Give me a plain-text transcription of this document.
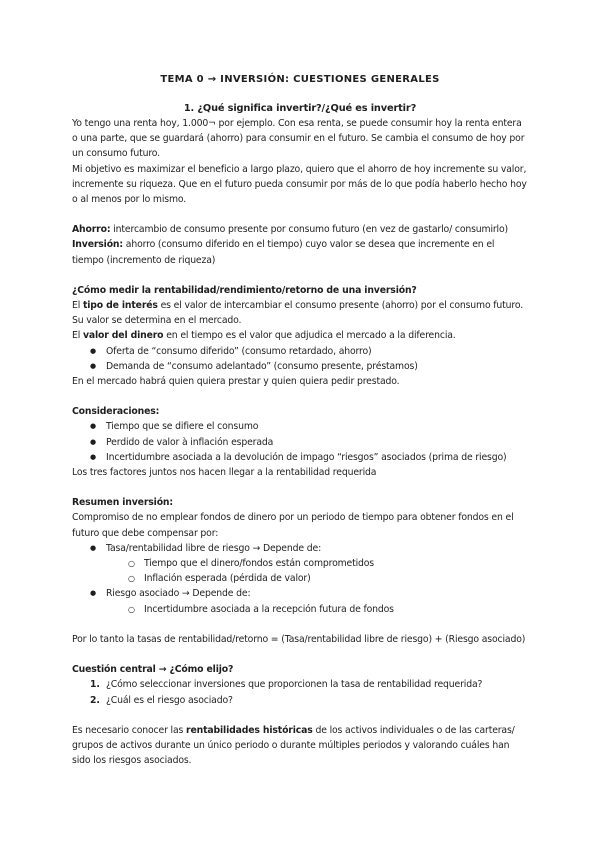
TEMA 0 → INVERSIÓN: CUESTIONES GENERALES
1. ¿Qué significa invertir?/¿Qué es invertir?

Yo tengo una renta hoy, 1.000¬ por ejemplo. Con esa renta, se puede consumir hoy la renta entera o una parte, que se guardará (ahorro) para consumir en el futuro. Se cambia el consumo de hoy por un consumo futuro.

Mi objetivo es maximizar el beneficio a largo plazo, quiero que el ahorro de hoy incremente su valor, incremente su riqueza. Que en el futuro pueda consumir por más de lo que podía haberlo hecho hoy o al menos por lo mismo.

Ahorro: intercambio de consumo presente por consumo futuro (en vez de gastarlo/ consumirlo)

Inversión: ahorro (consumo diferido en el tiempo) cuyo valor se desea que incremente en el tiempo (incremento de riqueza)

¿Cómo medir la rentabilidad/rendimiento/retorno de una inversión?

El tipo de interés es el valor de intercambiar el consumo presente (ahorro) por el consumo futuro. Su valor se determina en el mercado.

El valor del dinero en el tiempo es el valor que adjudica el mercado a la diferencia.

● Oferta de “consumo diferido” (consumo retardado, ahorro)
● Demanda de “consumo adelantado” (consumo presente, préstamos)

En el mercado habrá quien quiera prestar y quien quiera pedir prestado.

Consideraciones:

● Tiempo que se difiere el consumo
● Perdido de valor à inflación esperada
● Incertidumbre asociada a la devolución de impago “riesgos” asociados (prima de riesgo)

Los tres factores juntos nos hacen llegar a la rentabilidad requerida

Resumen inversión:

Compromiso de no emplear fondos de dinero por un periodo de tiempo para obtener fondos en el futuro que debe compensar por:

● Tasa/rentabilidad libre de riesgo → Depende de:
○ Tiempo que el dinero/fondos están comprometidos
○ Inflación esperada (pérdida de valor)
● Riesgo asociado → Depende de:
○ Incertidumbre asociada a la recepción futura de fondos

Por lo tanto la tasas de rentabilidad/retorno = (Tasa/rentabilidad libre de riesgo) + (Riesgo asociado)

Cuestión central → ¿Cómo elijo?

1. ¿Cómo seleccionar inversiones que proporcionen la tasa de rentabilidad requerida?
2. ¿Cuál es el riesgo asociado?

Es necesario conocer las rentabilidades históricas de los activos individuales o de las carteras/ grupos de activos durante un único periodo o durante múltiples periodos y valorando cuáles han sido los riesgos asociados.
